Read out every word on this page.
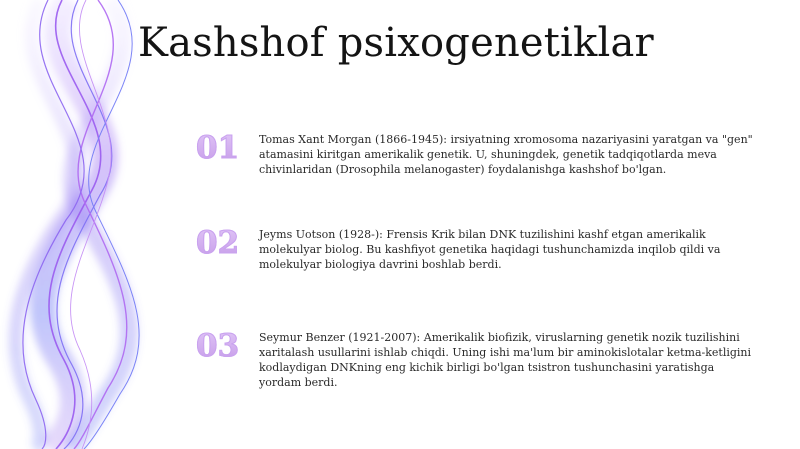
Kashshof psixogenetiklar
01	Tomas Xant Morgan (1866-1945): irsiyatning xromosoma nazariyasini yaratgan va "gen" atamasini kiritgan amerikalik genetik. U, shuningdek, genetik tadqiqotlarda meva chivinlaridan (Drosophila melanogaster) foydalanishga kashshof bo'lgan.
02	Jeyms Uotson (1928-): Frensis Krik bilan DNK tuzilishini kashf etgan amerikalik molekulyar biolog. Bu kashfiyot genetika haqidagi tushunchamizda inqilob qildi va molekulyar biologiya davrini boshlab berdi.
03	Seymur Benzer (1921-2007): Amerikalik biofizik, viruslarning genetik nozik tuzilishini xaritalash usullarini ishlab chiqdi. Uning ishi ma'lum bir aminokislotalar ketma-ketligini kodlaydigan DNKning eng kichik birligi bo'lgan tsistron tushunchasini yaratishga yordam berdi.
